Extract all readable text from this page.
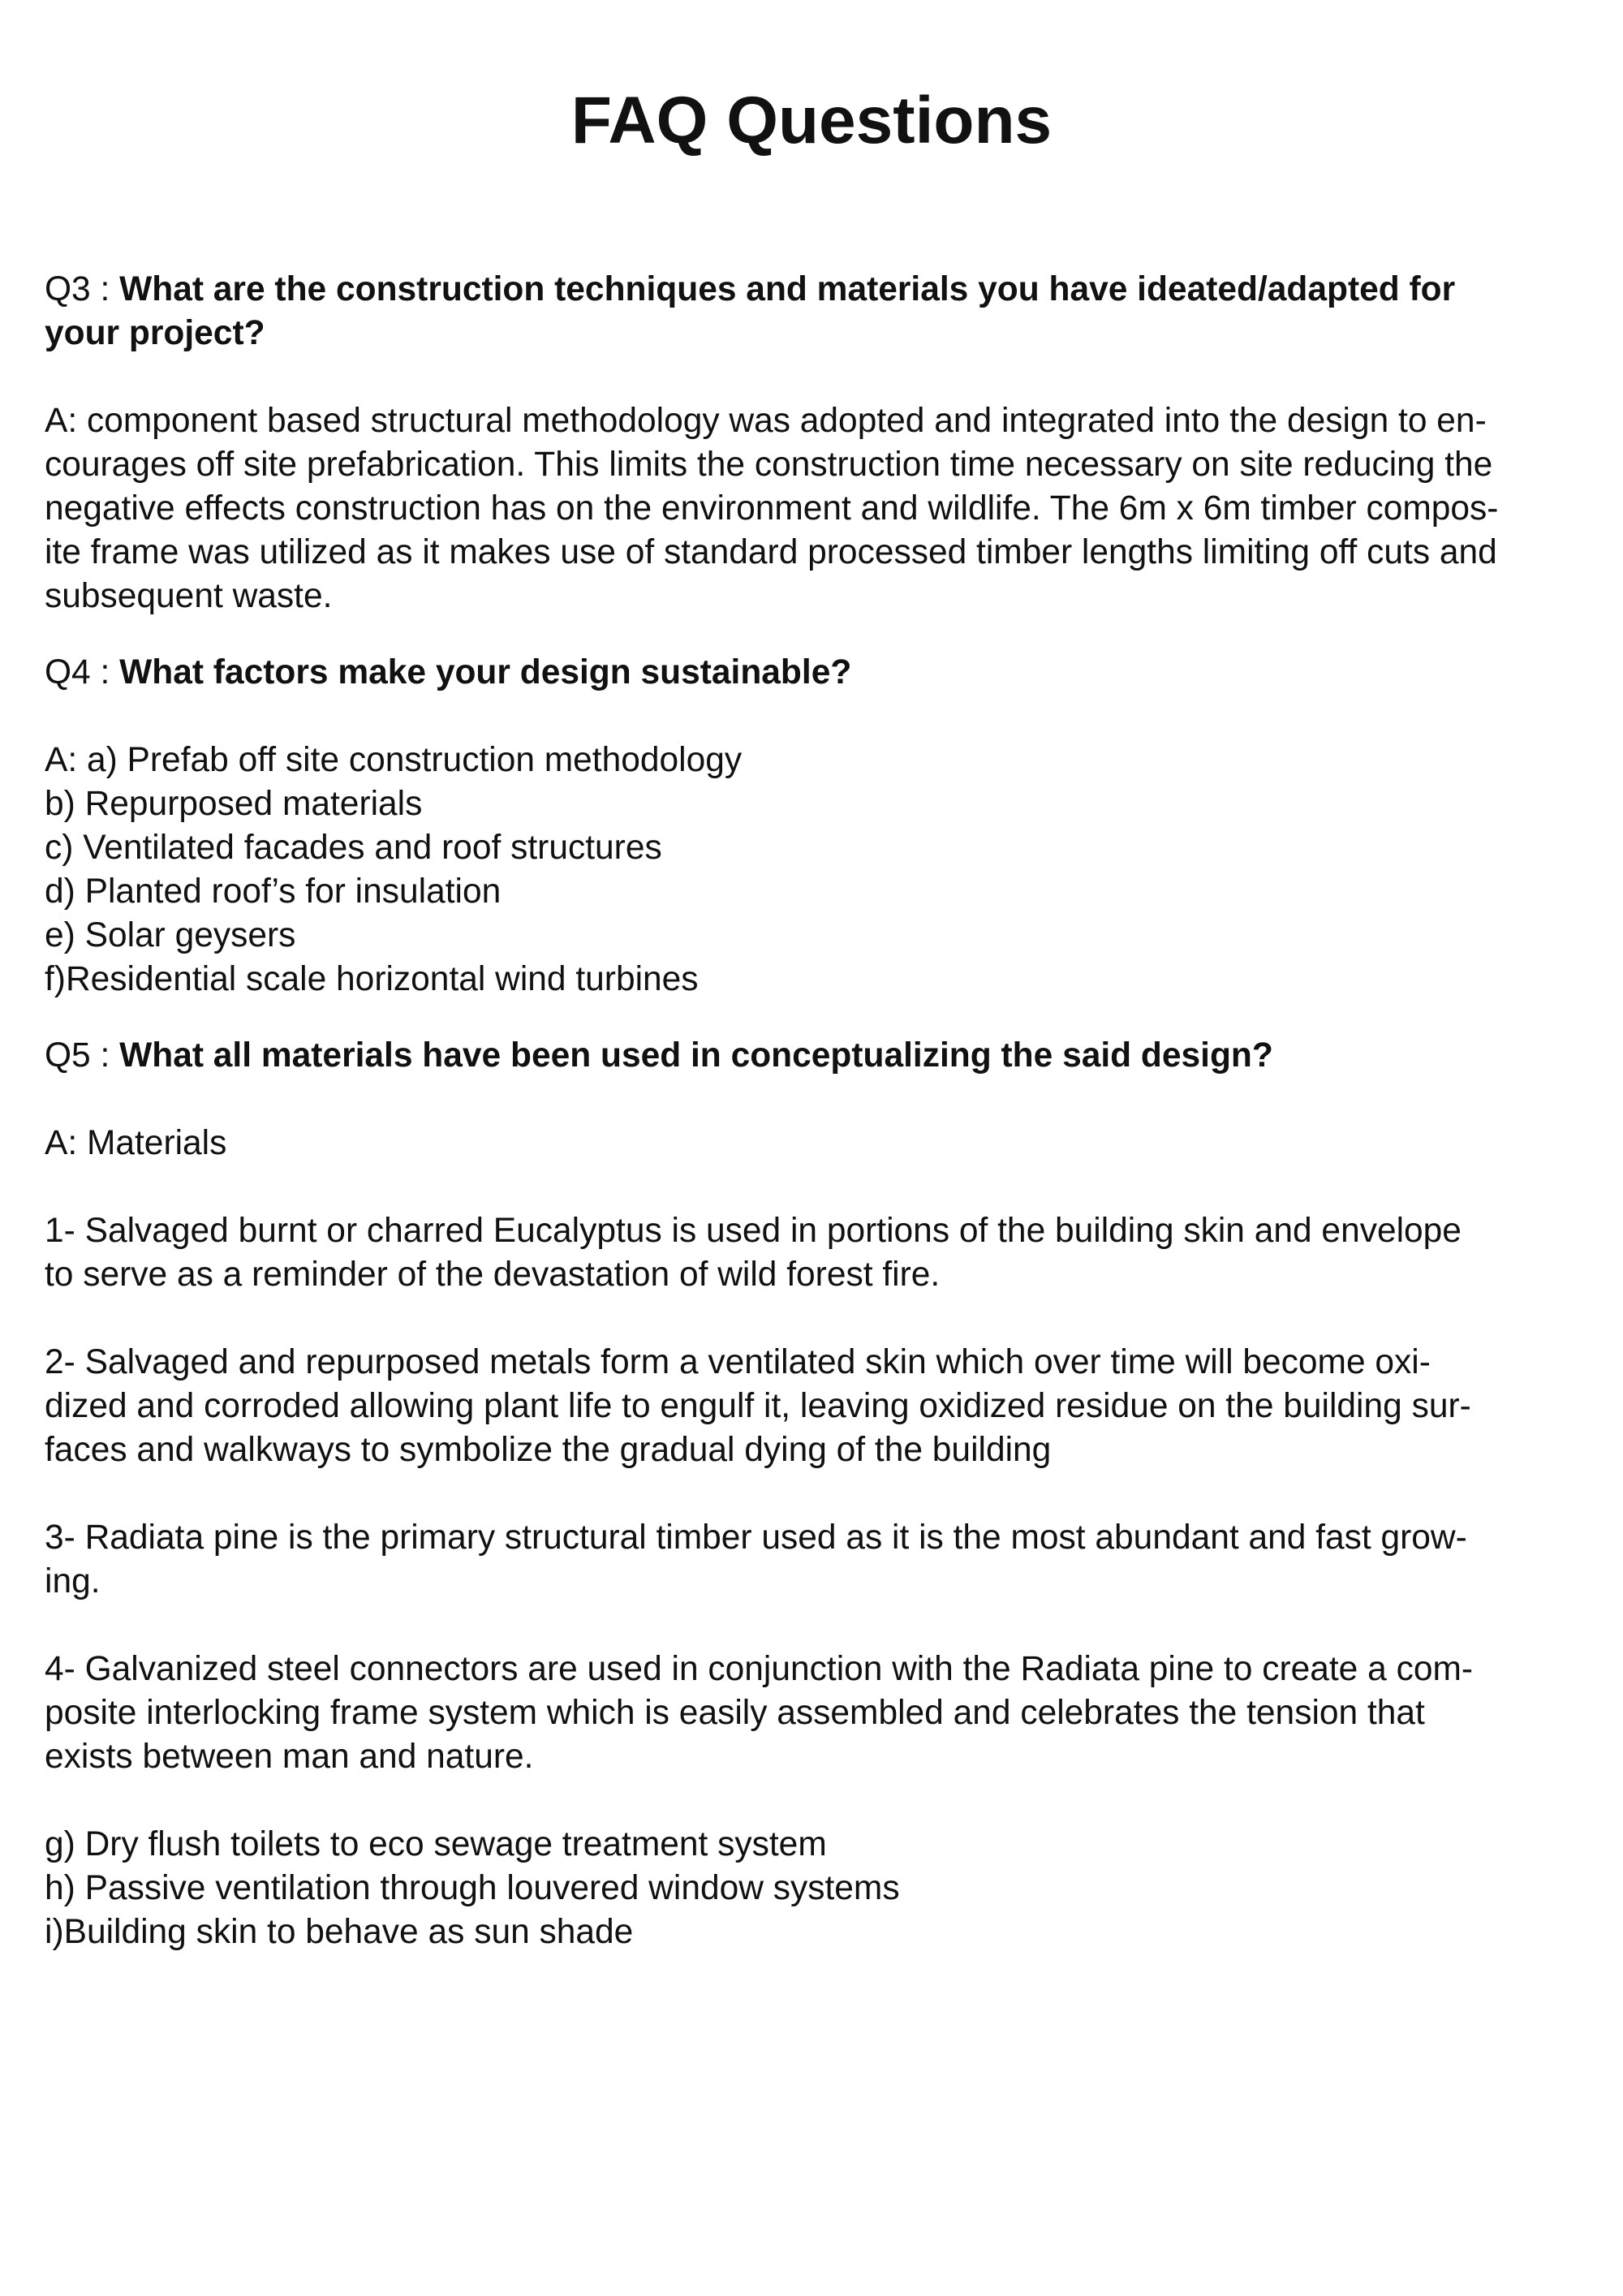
FAQ Questions
Q3 : What are the construction techniques and materials you have ideated/adapted for
your project?
A: component based structural methodology was adopted and integrated into the design to en-
courages off site prefabrication. This limits the construction time necessary on site reducing the
negative effects construction has on the environment and wildlife. The 6m x 6m timber compos-
ite frame was utilized as it makes use of standard processed timber lengths limiting off cuts and
subsequent waste.
Q4 : What factors make your design sustainable?
A: a) Prefab off site construction methodology
b) Repurposed materials
c) Ventilated facades and roof structures
d) Planted roof’s for insulation
e) Solar geysers
f)Residential scale horizontal wind turbines
Q5 : What all materials have been used in conceptualizing the said design?
A: Materials
1- Salvaged burnt or charred Eucalyptus is used in portions of the building skin and envelope
to serve as a reminder of the devastation of wild forest fire.
2- Salvaged and repurposed metals form a ventilated skin which over time will become oxi-
dized and corroded allowing plant life to engulf it, leaving oxidized residue on the building sur-
faces and walkways to symbolize the gradual dying of the building
3- Radiata pine is the primary structural timber used as it is the most abundant and fast grow-
ing.
4- Galvanized steel connectors are used in conjunction with the Radiata pine to create a com-
posite interlocking frame system which is easily assembled and celebrates the tension that
exists between man and nature.
g) Dry flush toilets to eco sewage treatment system
h) Passive ventilation through louvered window systems
i)Building skin to behave as sun shade
